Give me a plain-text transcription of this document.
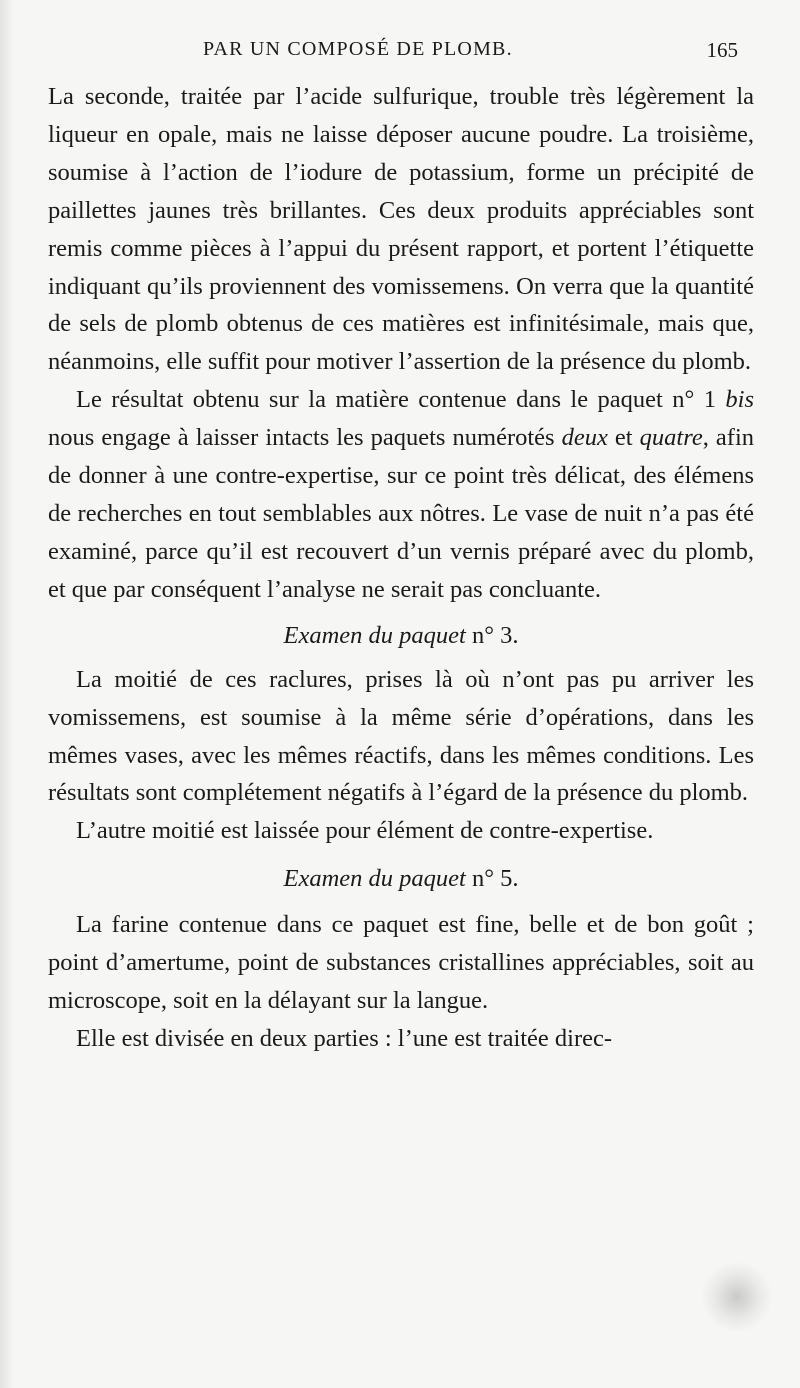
PAR UN COMPOSÉ DE PLOMB.	165

La seconde, traitée par l’acide sulfurique, trouble très légèrement la liqueur en opale, mais ne laisse déposer aucune poudre. La troisième, soumise à l’action de l’iodure de potassium, forme un précipité de paillettes jaunes très brillantes. Ces deux produits appréciables sont remis comme pièces à l’appui du présent rapport, et portent l’étiquette indiquant qu’ils proviennent des vomissemens. On verra que la quantité de sels de plomb obtenus de ces matières est infinitésimale, mais que, néanmoins, elle suffit pour motiver l’assertion de la présence du plomb.

Le résultat obtenu sur la matière contenue dans le paquet n° 1 bis nous engage à laisser intacts les paquets numérotés deux et quatre, afin de donner à une contre-expertise, sur ce point très délicat, des élémens de recherches en tout semblables aux nôtres. Le vase de nuit n’a pas été examiné, parce qu’il est recouvert d’un vernis préparé avec du plomb, et que par conséquent l’analyse ne serait pas concluante.

Examen du paquet n° 3.

La moitié de ces raclures, prises là où n’ont pas pu arriver les vomissemens, est soumise à la même série d’opérations, dans les mêmes vases, avec les mêmes réactifs, dans les mêmes conditions. Les résultats sont complétement négatifs à l’égard de la présence du plomb.

L’autre moitié est laissée pour élément de contre-expertise.

Examen du paquet n° 5.

La farine contenue dans ce paquet est fine, belle et de bon goût ; point d’amertume, point de substances cristallines appréciables, soit au microscope, soit en la délayant sur la langue.

Elle est divisée en deux parties : l’une est traitée direc-
